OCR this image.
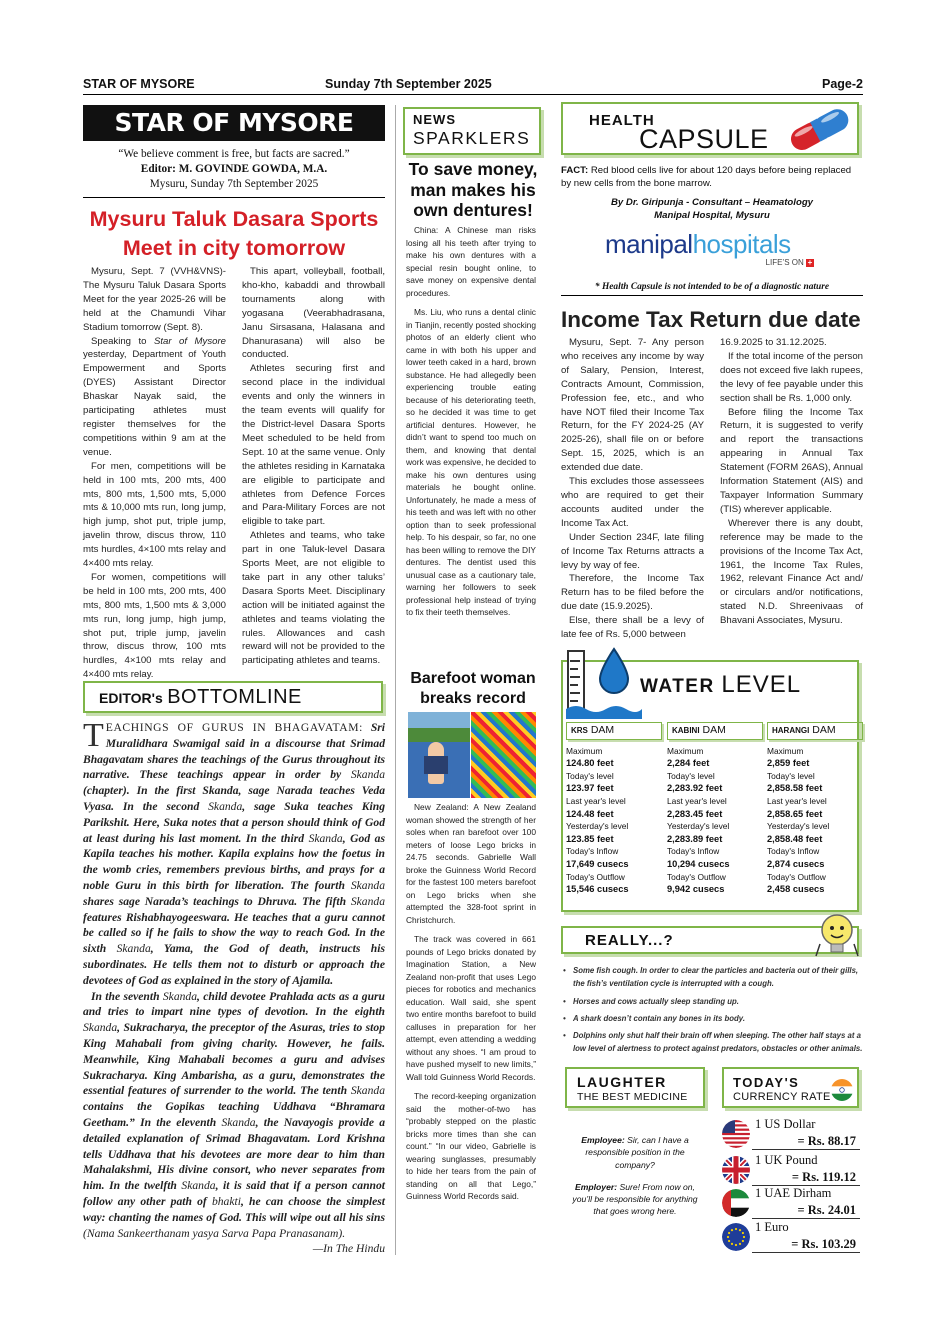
STAR OF MYSORE	Sunday 7th September 2025	Page-2
STAR OF MYSORE
“We believe comment is free, but facts are sacred.”
Editor: M. GOVINDE GOWDA, M.A.
Mysuru, Sunday 7th September 2025
Mysuru Taluk Dasara Sports Meet in city tomorrow

Mysuru, Sept. 7 (VVH&VNS)- The Mysuru Taluk Dasara Sports Meet for the year 2025-26 will be held at the Chamundi Vihar Stadium tomorrow (Sept. 8).

Speaking to Star of Mysore yesterday, Department of Youth Empowerment and Sports (DYES) Assistant Director Bhaskar Nayak said, the participating athletes must register themselves for the competitions within 9 am at the venue.

For men, competitions will be held in 100 mts, 200 mts, 400 mts, 800 mts, 1,500 mts, 5,000 mts & 10,000 mts run, long jump, high jump, shot put, triple jump, javelin throw, discus throw, 110 mts hurdles, 4×100 mts relay and 4×400 mts relay.

For women, competitions will be held in 100 mts, 200 mts, 400 mts, 800 mts, 1,500 mts & 3,000 mts run, long jump, high jump, shot put, triple jump, javelin throw, discus throw, 100 mts hurdles, 4×100 mts relay and 4×400 mts relay.

This apart, volleyball, football, kho-kho, kabaddi and throwball tournaments along with yogasana (Veerabhadrasana, Janu Sirsasana, Halasana and Dhanurasana) will also be conducted.

Athletes securing first and second place in the individual events and only the winners in the team events will qualify for the District-level Dasara Sports Meet scheduled to be held from Sept. 10 at the same venue. Only the athletes residing in Karnataka are eligible to participate and athletes from Defence Forces and Para-Military Forces are not eligible to take part.

Athletes and teams, who take part in one Taluk-level Dasara Sports Meet, are not eligible to take part in any other taluks’ Dasara Sports Meet. Disciplinary action will be initiated against the athletes and teams violating the rules. Allowances and cash reward will not be provided to the participating athletes and teams.

EDITOR's BOTTOMLINE

TEACHINGS OF GURUS IN BHAGAVATAM: Sri Muralidhara Swamigal said in a discourse that Srimad Bhagavatam shares the teachings of the Gurus throughout its narrative. These teachings appear in order by Skanda (chapter). In the first Skanda, sage Narada teaches Veda Vyasa. In the second Skanda, sage Suka teaches King Parikshit. Here, Suka notes that a person should think of God at least during his last moment. In the third Skanda, God as Kapila teaches his mother. Kapila explains how the foetus in the womb cries, remembers previous births, and prays for a noble Guru in this birth for liberation. The fourth Skanda shares sage Narada’s teachings to Dhruva. The fifth Skanda features Rishabhayogeeswara. He teaches that a guru cannot be called so if he fails to show the way to reach God. In the sixth Skanda, Yama, the God of death, instructs his subordinates. He tells them not to disturb or approach the devotees of God as explained in the story of Ajamila.

In the seventh Skanda, child devotee Prahlada acts as a guru and tries to impart nine types of devotion. In the eighth Skanda, Sukracharya, the preceptor of the Asuras, tries to stop King Mahabali from giving charity. However, he fails. Meanwhile, King Mahabali becomes a guru and advises Sukracharya. King Ambarisha, as a guru, demonstrates the essential features of surrender to the world. The tenth Skanda contains the Gopikas teaching Uddhava “Bhramara Geetham.” In the eleventh Skanda, the Navayogis provide a detailed explanation of Srimad Bhagavatam. Lord Krishna tells Uddhava that his devotees are more dear to him than Mahalakshmi, His divine consort, who never separates from him. In the twelfth Skanda, it is said that if a person cannot follow any other path of bhakti, he can choose the simplest way: chanting the names of God. This will wipe out all his sins (Nama Sankeerthanam yasya Sarva Papa Pranasanam).

—In The Hindu

NEWS
SPARKLERS
To save money, man makes his own dentures!

China: A Chinese man risks losing all his teeth after trying to make his own dentures with a special resin bought online, to save money on expensive dental procedures.

Ms. Liu, who runs a dental clinic in Tianjin, recently posted shocking photos of an elderly client who came in with both his upper and lower teeth caked in a hard, brown substance. He had allegedly been experiencing trouble eating because of his deteriorating teeth, so he decided it was time to get artificial dentures. However, he didn’t want to spend too much on them, and knowing that dental work was expensive, he decided to make his own dentures using materials he bought online. Unfortunately, he made a mess of his teeth and was left with no other option than to seek professional help. To his despair, so far, no one has been willing to remove the DIY dentures. The dentist used this unusual case as a cautionary tale, warning her followers to seek professional help instead of trying to fix their teeth themselves.

Barefoot woman breaks record

New Zealand: A New Zealand woman showed the strength of her soles when ran barefoot over 100 meters of loose Lego bricks in 24.75 seconds. Gabrielle Wall broke the Guinness World Record for the fastest 100 meters barefoot on Lego bricks when she attempted the 328-foot sprint in Christchurch.

The track was covered in 661 pounds of Lego bricks donated by Imagination Station, a New Zealand non-profit that uses Lego pieces for robotics and mechanics education. Wall said, she spent two entire months barefoot to build calluses in preparation for her attempt, even attending a wedding without any shoes. “I am proud to have pushed myself to new limits,” Wall told Guinness World Records.

The record-keeping organization said the mother-of-two has “probably stepped on the plastic bricks more times than she can count.” “In our video, Gabrielle is wearing sunglasses, presumably to hide her tears from the pain of standing on all that Lego,” Guinness World Records said.

HEALTH
CAPSULE
FACT: Red blood cells live for about 120 days before being replaced by new cells from the bone marrow.
By Dr. Giripunja - Consultant – Heamatology
Manipal Hospital, Mysuru
manipalhospitals
LIFE’S ON +
* Health Capsule is not intended to be of a diagnostic nature
Income Tax Return due date

Mysuru, Sept. 7- Any person who receives any income by way of Salary, Pension, Interest, Contracts Amount, Commission, Profession fee, etc., and who have NOT filed their Income Tax Return, for the FY 2024-25 (AY 2025-26), shall file on or before Sept. 15, 2025, which is an extended due date.

This excludes those assessees who are required to get their accounts audited under the Income Tax Act.

Under Section 234F, late filing of Income Tax Returns attracts a levy by way of fee.

Therefore, the Income Tax Return has to be filed before the due date (15.9.2025).

Else, there shall be a levy of late fee of Rs. 5,000 between

16.9.2025 to 31.12.2025.

If the total income of the person does not exceed five lakh rupees, the levy of fee payable under this section shall be Rs. 1,000 only.

Before filing the Income Tax Return, it is suggested to verify and report the transactions appearing in Annual Tax Statement (FORM 26AS), Annual Information Statement (AIS) and Taxpayer Information Summary (TIS) wherever applicable.

Wherever there is any doubt, reference may be made to the provisions of the Income Tax Act, 1961, the Income Tax Rules, 1962, relevant Finance Act and/ or circulars and/or notifications, stated N.D. Shreenivaas of Bhavani Associates, Mysuru.

WATER LEVEL
KRS DAM
Maximum
124.80 feet
Today's level
123.97 feet
Last year's level
124.48 feet
Yesterday's level
123.85 feet
Today's Inflow
17,649 cusecs
Today's Outflow
15,546 cusecs
KABINI DAM
Maximum
2,284 feet
Today's level
2,283.92 feet
Last year's level
2,283.45 feet
Yesterday's level
2,283.89 feet
Today's Inflow
10,294 cusecs
Today's Outflow
9,942 cusecs
HARANGI DAM
Maximum
2,859 feet
Today's level
2,858.58 feet
Last year's level
2,858.65 feet
Yesterday's level
2,858.48 feet
Today's Inflow
2,874 cusecs
Today's Outflow
2,458 cusecs
REALLY...?
• Some fish cough. In order to clear the particles and bacteria out of their gills, the fish’s ventilation cycle is interrupted with a cough.
• Horses and cows actually sleep standing up.
• A shark doesn’t contain any bones in its body.
• Dolphins only shut half their brain off when sleeping. The other half stays at a low level of alertness to protect against predators, obstacles or other animals.
LAUGHTER
THE BEST MEDICINE
Employee: Sir, can I have a responsible position in the company?
Employer: Sure! From now on, you’ll be responsible for anything that goes wrong here.
TODAY'S
CURRENCY RATE
1 US Dollar
= Rs. 88.17
1 UK Pound
= Rs. 119.12
1 UAE Dirham
= Rs. 24.01
1 Euro
= Rs. 103.29
